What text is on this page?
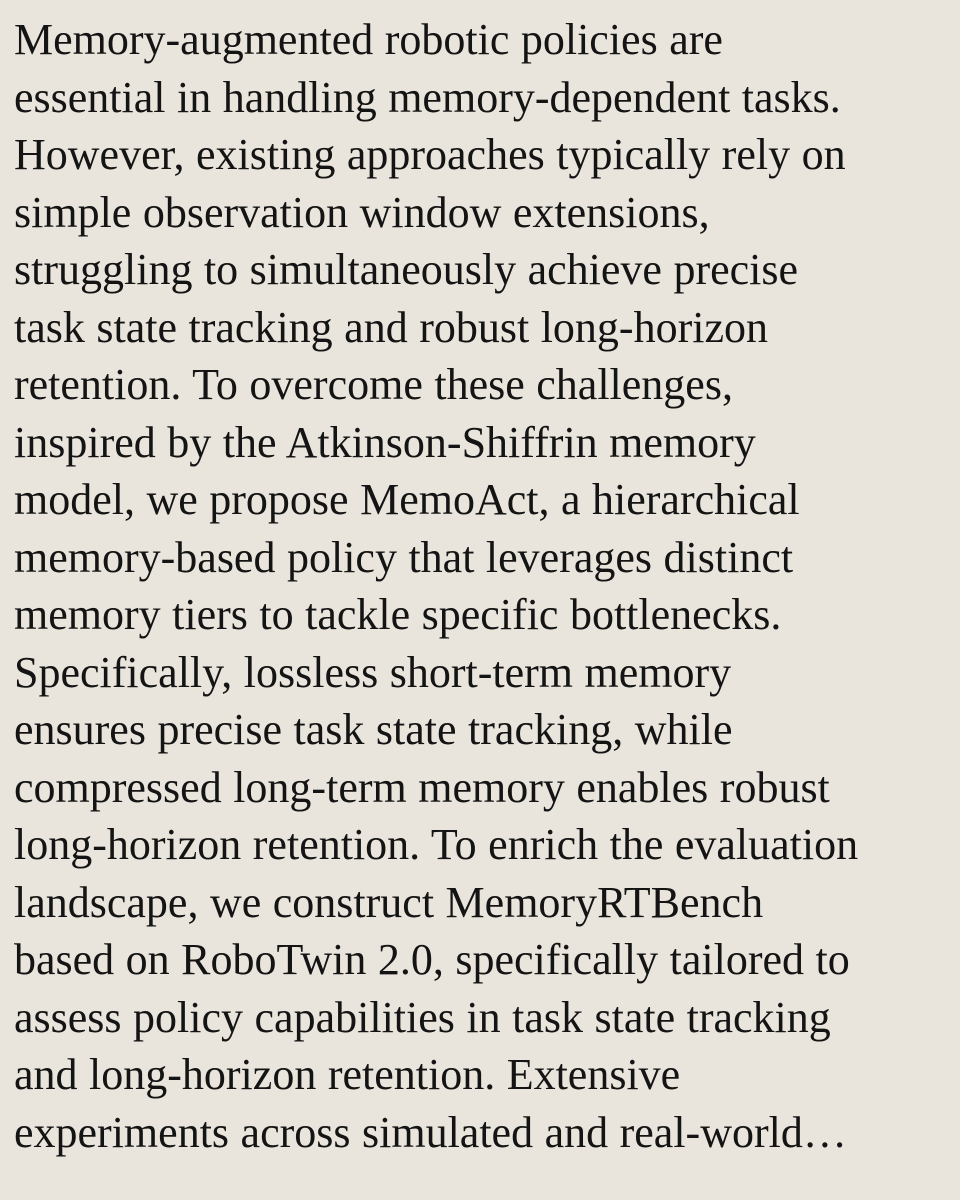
Memory-augmented robotic policies are
essential in handling memory-dependent tasks.
However, existing approaches typically rely on
simple observation window extensions,
struggling to simultaneously achieve precise
task state tracking and robust long-horizon
retention. To overcome these challenges,
inspired by the Atkinson-Shiffrin memory
model, we propose MemoAct, a hierarchical
memory-based policy that leverages distinct
memory tiers to tackle specific bottlenecks.
Specifically, lossless short-term memory
ensures precise task state tracking, while
compressed long-term memory enables robust
long-horizon retention. To enrich the evaluation
landscape, we construct MemoryRTBench
based on RoboTwin 2.0, specifically tailored to
assess policy capabilities in task state tracking
and long-horizon retention. Extensive
experiments across simulated and real-world…
